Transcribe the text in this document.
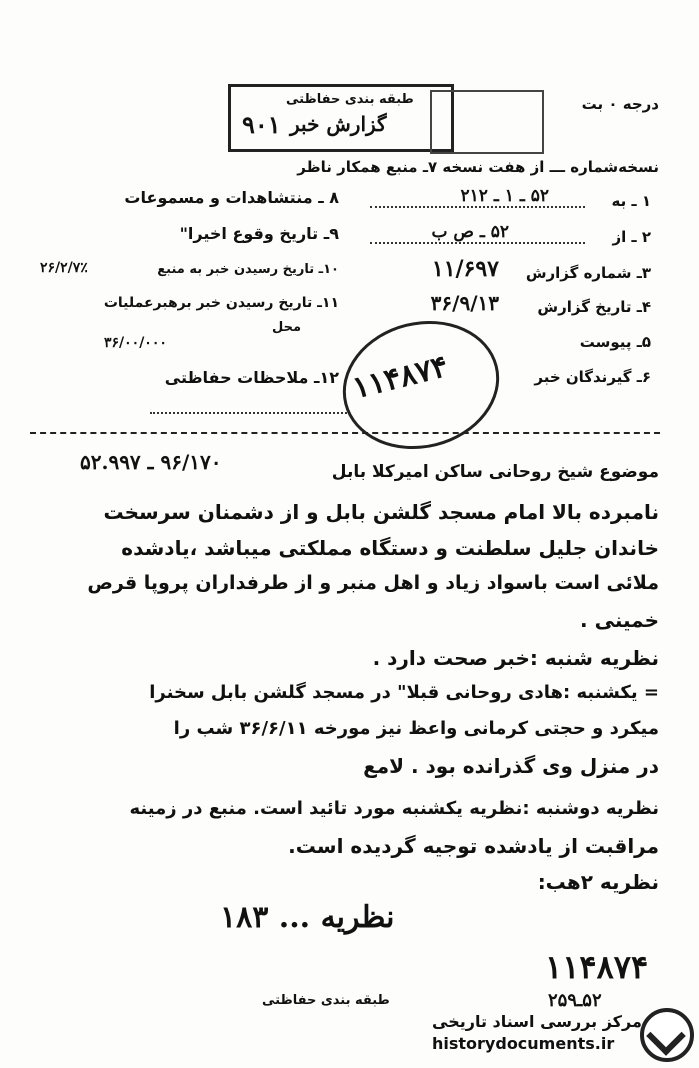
درجه ۰ بت
طبقه بندی حفاظتی
گزارش خبر
۹۰۱
نسخه‌شماره ـــ از هفت نسخه ۷ـ منبع همکار ناظر
۱ ـ به
۵۲ ـ ۱ ـ ۲۱۲
۲ ـ از
۵۲ ـ ص ب
۳ـ شماره گزارش
۱۱/۶۹۷
۴ـ تاریخ گزارش
۳۶/۹/۱۳
۵ـ پیوست
۶ـ گیرندگان خبر
۸ ـ منتشاهدات و مسموعات
۹ـ تاریخ وقوع اخیرا"
۱۰ـ تاریخ رسیدن خبر به منبع
۲۶/۲/۷٪
۱۱ـ تاریخ رسیدن خبر برهبرعملیات
محل
۳۶/۰۰/۰۰۰
۱۲ـ ملاحظات حفاظتی ۱۱۴۸۷۴
۹۶/۱۷۰ ـ ۵۲.۹۹۷	موضوع شیخ روحانی ساکن امیرکلا بابل
نامبرده بالا امام مسجد گلشن بابل و از دشمنان سرسخت
خاندان جلیل سلطنت و دستگاه مملکتی میباشد ،یادشده
ملائی است باسواد زیاد و اهل منبر و از طرفداران پروپا قرص
خمینی .
نظریه شنبه :خبر صحت دارد .
= یکشنبه :هادی روحانی قبلا" در مسجد گلشن بابل سخنرا
میکرد و حجتی کرمانی واعظ نیز مورخه ۳۶/۶/۱۱ شب را
در منزل وی گذرانده بود . لامع
نظریه دوشنبه :نظریه یکشنبه مورد تائید است. منبع در زمینه
مراقبت از یادشده توجیه گردیده است.
نظریه ۲هب:
نظریه ... ۱۸۳
۱۱۴۸۷۴
۵۲ـ۲۵۹
طبقه بندی حفاظتی
مرکز بررسی اسناد تاریخی
historydocuments.ir
